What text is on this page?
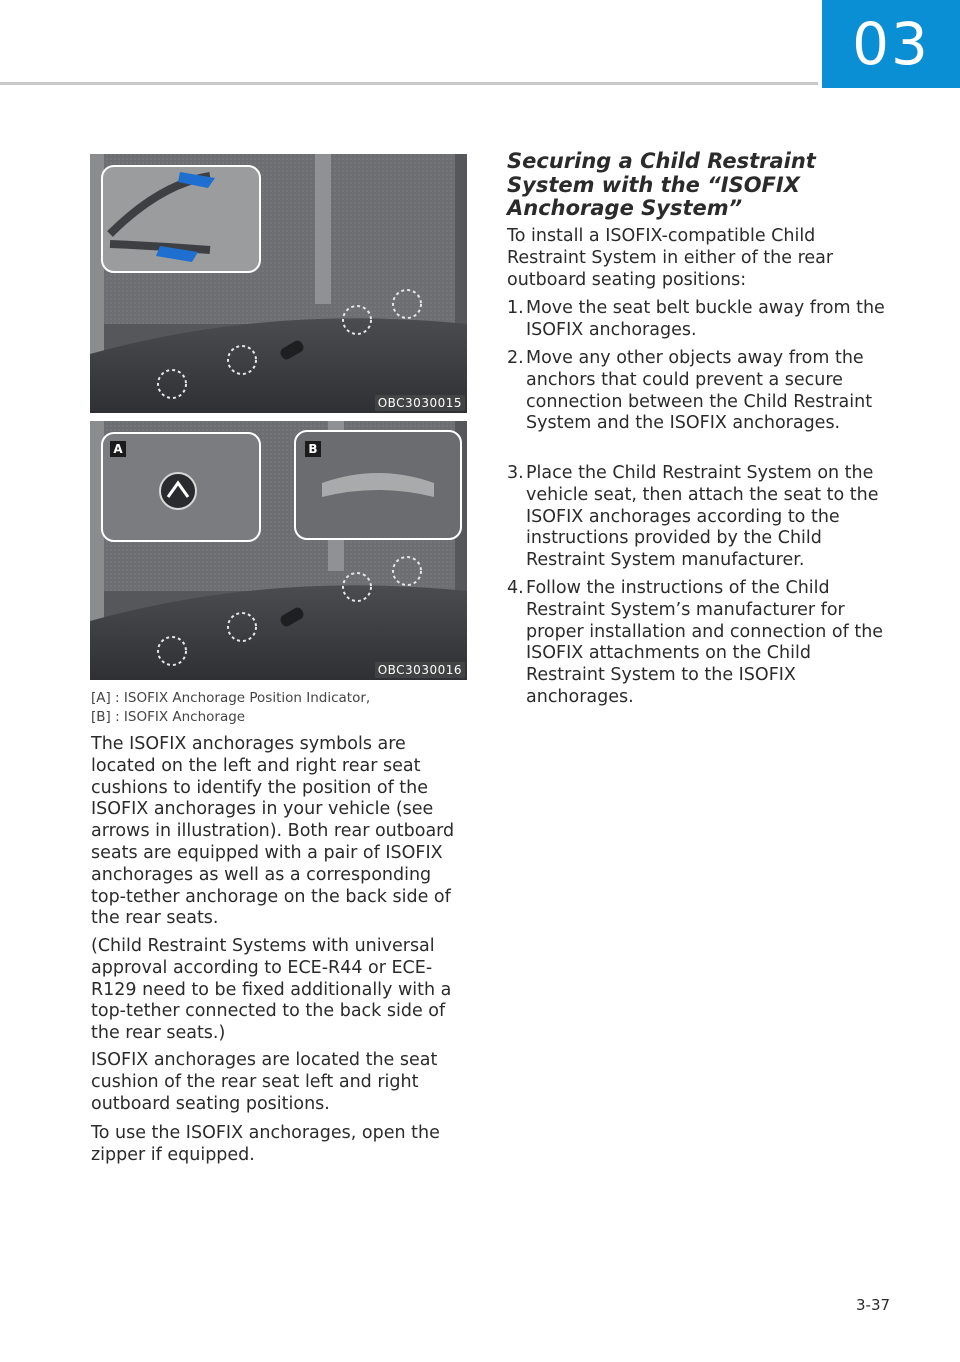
03
OBC3030015
A	B
OBC3030016
[A] : ISOFIX Anchorage Position Indicator,
[B] : ISOFIX Anchorage

The ISOFIX anchorages symbols are located on the left and right rear seat cushions to identify the position of the ISOFIX anchorages in your vehicle (see arrows in illustration). Both rear outboard seats are equipped with a pair of ISOFIX anchorages as well as a corresponding top-tether anchorage on the back side of the rear seats.

(Child Restraint Systems with universal approval according to ECE-R44 or ECE-R129 need to be fixed additionally with a top-tether connected to the back side of the rear seats.)

ISOFIX anchorages are located the seat cushion of the rear seat left and right outboard seating positions.

To use the ISOFIX anchorages, open the zipper if equipped.

Securing a Child Restraint System with the “ISOFIX Anchorage System”

To install a ISOFIX-compatible Child Restraint System in either of the rear outboard seating positions:

1. Move the seat belt buckle away from the ISOFIX anchorages.
2. Move any other objects away from the anchors that could prevent a secure connection between the Child Restraint System and the ISOFIX anchorages.
3. Place the Child Restraint System on the vehicle seat, then attach the seat to the ISOFIX anchorages according to the instructions provided by the Child Restraint System manufacturer.
4. Follow the instructions of the Child Restraint System’s manufacturer for proper installation and connection of the ISOFIX attachments on the Child Restraint System to the ISOFIX anchorages.
3-37
